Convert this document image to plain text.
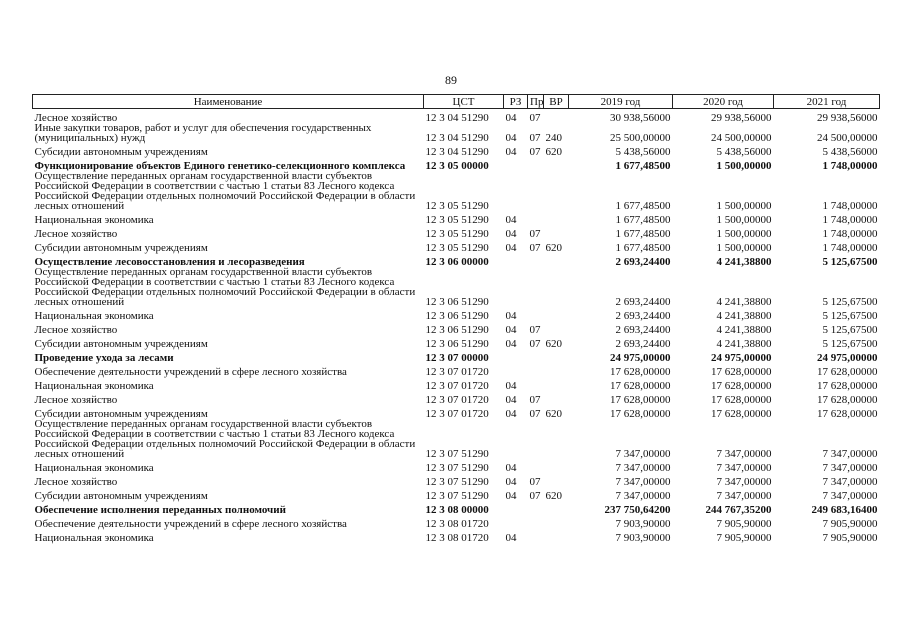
89
Наименование	ЦСТ	РЗ	Пр	ВР	2019 год	2020 год	2021 год
Лесное хозяйство	12 3 04 51290	04	07		30 938,56000	29 938,56000	29 938,56000
Иные закупки товаров, работ и услуг для обеспечения государственных (муниципальных) нужд	12 3 04 51290	04	07	240	25 500,00000	24 500,00000	24 500,00000
Субсидии автономным учреждениям	12 3 04 51290	04	07	620	5 438,56000	5 438,56000	5 438,56000
Функционирование объектов Единого генетико-селекционного комплекса	12 3 05 00000				1 677,48500	1 500,00000	1 748,00000
Осуществление переданных органам государственной власти субъектов Российской Федерации в соответствии с частью 1 статьи 83 Лесного кодекса Российской Федерации отдельных полномочий Российской Федерации в области лесных отношений	12 3 05 51290				1 677,48500	1 500,00000	1 748,00000
Национальная экономика	12 3 05 51290	04			1 677,48500	1 500,00000	1 748,00000
Лесное хозяйство	12 3 05 51290	04	07		1 677,48500	1 500,00000	1 748,00000
Субсидии автономным учреждениям	12 3 05 51290	04	07	620	1 677,48500	1 500,00000	1 748,00000
Осуществление лесовосстановления и лесоразведения	12 3 06 00000				2 693,24400	4 241,38800	5 125,67500
Осуществление переданных органам государственной власти субъектов Российской Федерации в соответствии с частью 1 статьи 83 Лесного кодекса Российской Федерации отдельных полномочий Российской Федерации в области лесных отношений	12 3 06 51290				2 693,24400	4 241,38800	5 125,67500
Национальная экономика	12 3 06 51290	04			2 693,24400	4 241,38800	5 125,67500
Лесное хозяйство	12 3 06 51290	04	07		2 693,24400	4 241,38800	5 125,67500
Субсидии автономным учреждениям	12 3 06 51290	04	07	620	2 693,24400	4 241,38800	5 125,67500
Проведение ухода за лесами	12 3 07 00000				24 975,00000	24 975,00000	24 975,00000
Обеспечение деятельности учреждений в сфере лесного хозяйства	12 3 07 01720				17 628,00000	17 628,00000	17 628,00000
Национальная экономика	12 3 07 01720	04			17 628,00000	17 628,00000	17 628,00000
Лесное хозяйство	12 3 07 01720	04	07		17 628,00000	17 628,00000	17 628,00000
Субсидии автономным учреждениям	12 3 07 01720	04	07	620	17 628,00000	17 628,00000	17 628,00000
Осуществление переданных органам государственной власти субъектов Российской Федерации в соответствии с частью 1 статьи 83 Лесного кодекса Российской Федерации отдельных полномочий Российской Федерации в области лесных отношений	12 3 07 51290				7 347,00000	7 347,00000	7 347,00000
Национальная экономика	12 3 07 51290	04			7 347,00000	7 347,00000	7 347,00000
Лесное хозяйство	12 3 07 51290	04	07		7 347,00000	7 347,00000	7 347,00000
Субсидии автономным учреждениям	12 3 07 51290	04	07	620	7 347,00000	7 347,00000	7 347,00000
Обеспечение исполнения переданных полномочий	12 3 08 00000				237 750,64200	244 767,35200	249 683,16400
Обеспечение деятельности учреждений в сфере лесного хозяйства	12 3 08 01720				7 903,90000	7 905,90000	7 905,90000
Национальная экономика	12 3 08 01720	04			7 903,90000	7 905,90000	7 905,90000
